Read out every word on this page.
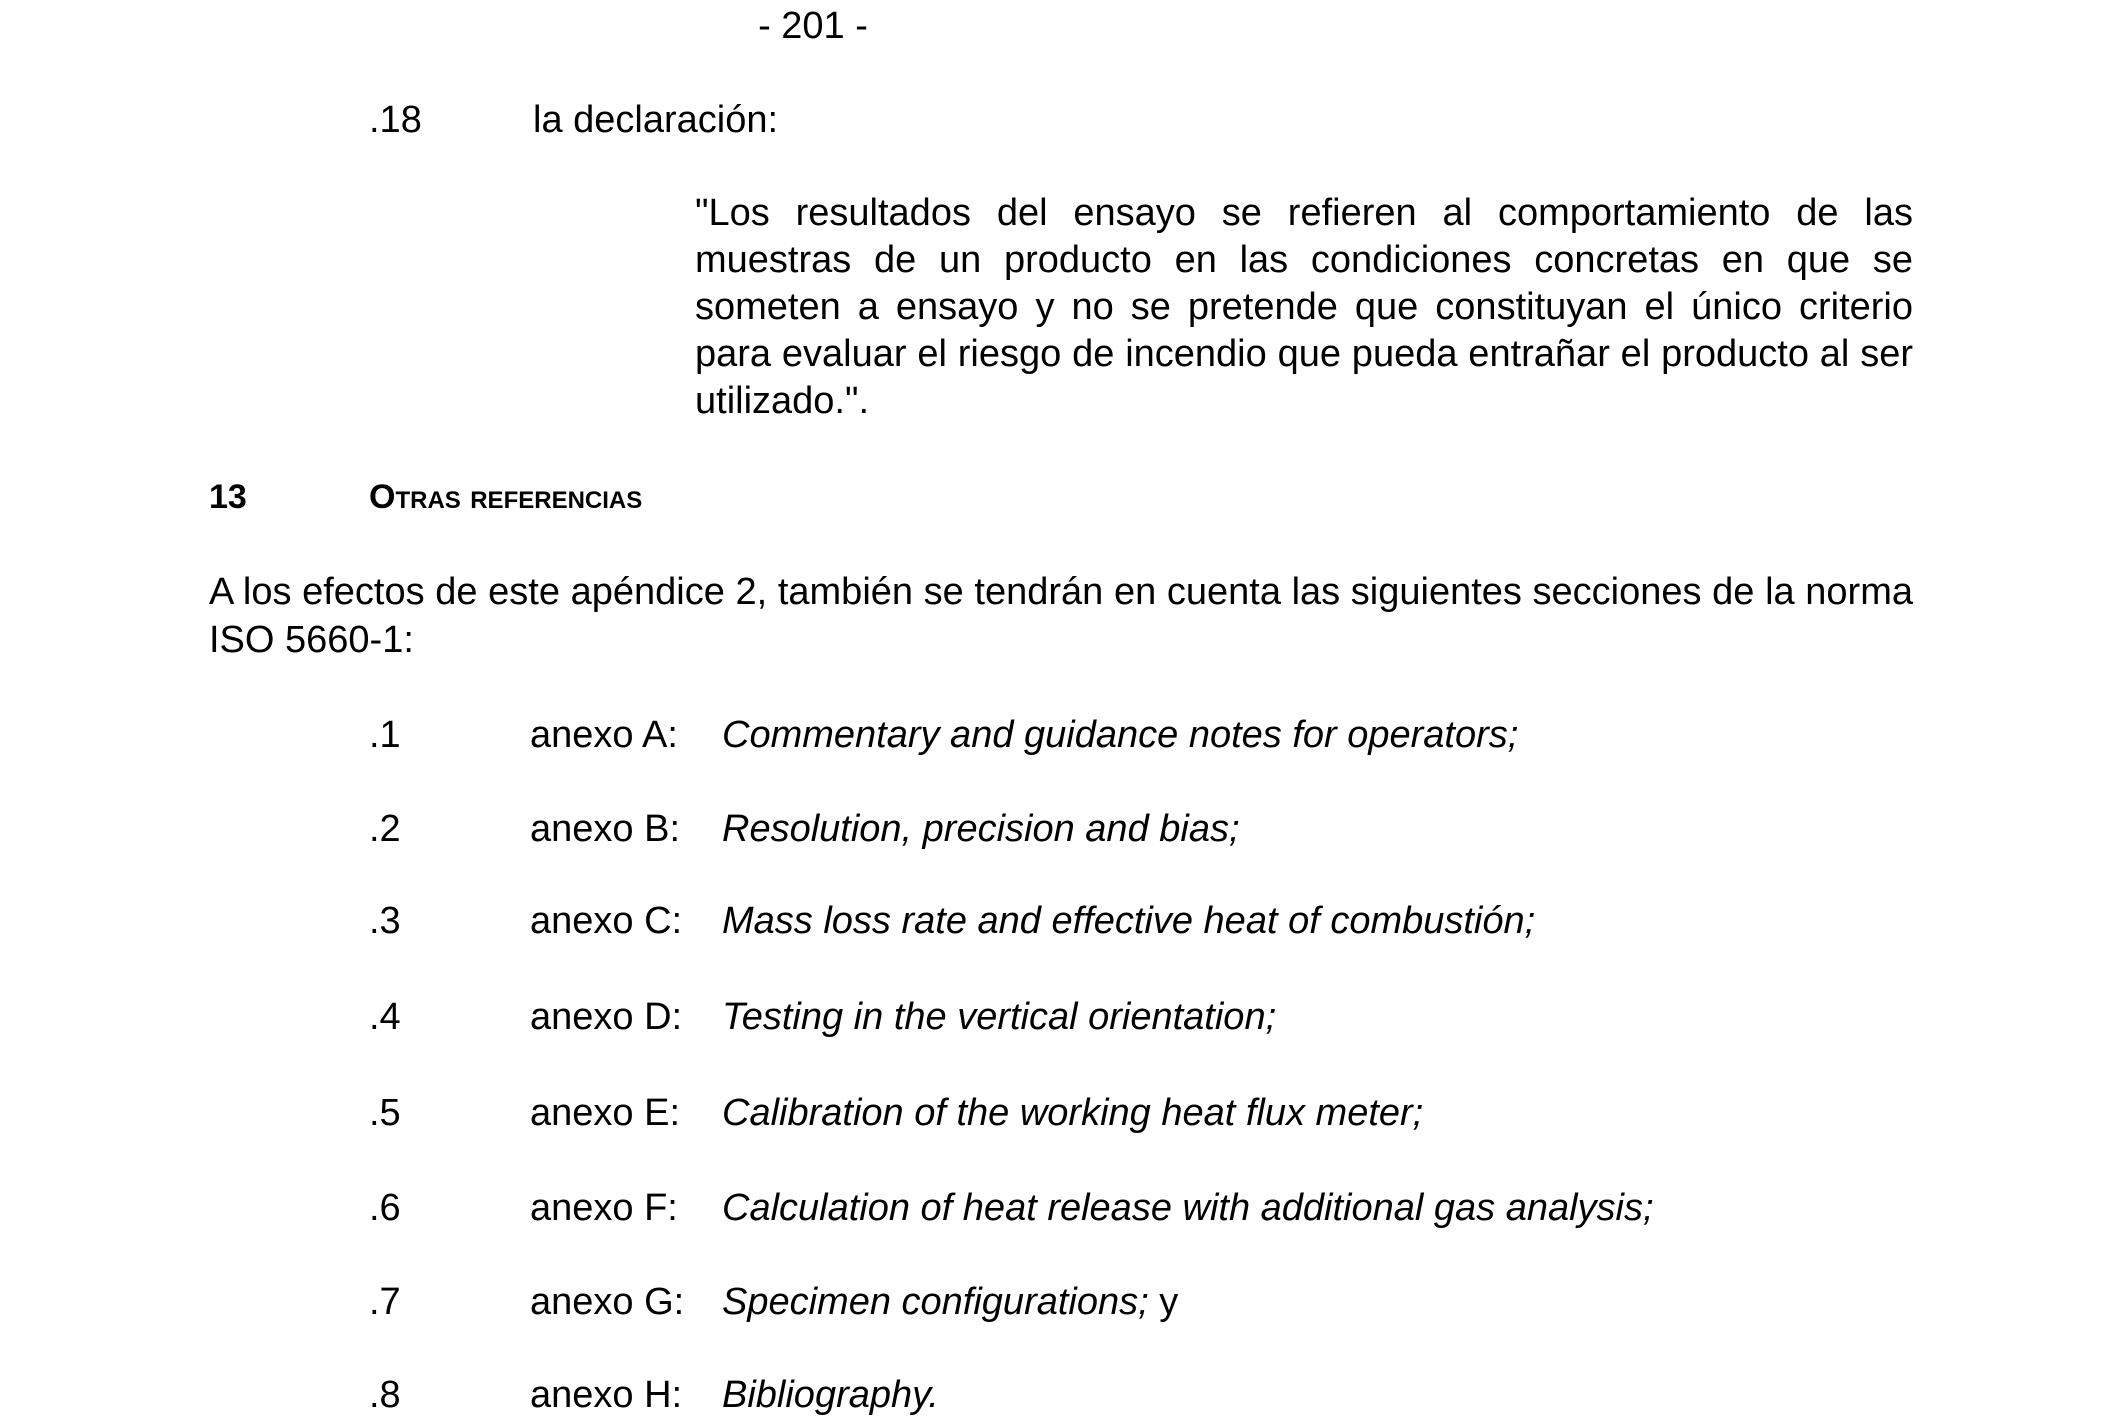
- 201 -
.18	la declaración:

"Los resultados del ensayo se refieren al comportamiento de las muestras de un producto en las condiciones concretas en que se someten a ensayo y no se pretende que constituyan el único criterio para evaluar el riesgo de incendio que pueda entrañar el producto al ser utilizado.".

13	Otras referencias

A los efectos de este apéndice 2, también se tendrán en cuenta las siguientes secciones de la norma ISO 5660-1:

.1	anexo A: Commentary and guidance notes for operators;
.2	anexo B: Resolution, precision and bias;
.3	anexo C: Mass loss rate and effective heat of combustión;
.4	anexo D: Testing in the vertical orientation;
.5	anexo E: Calibration of the working heat flux meter;
.6	anexo F: Calculation of heat release with additional gas analysis;
.7	anexo G: Specimen configurations; y
.8	anexo H: Bibliography.
